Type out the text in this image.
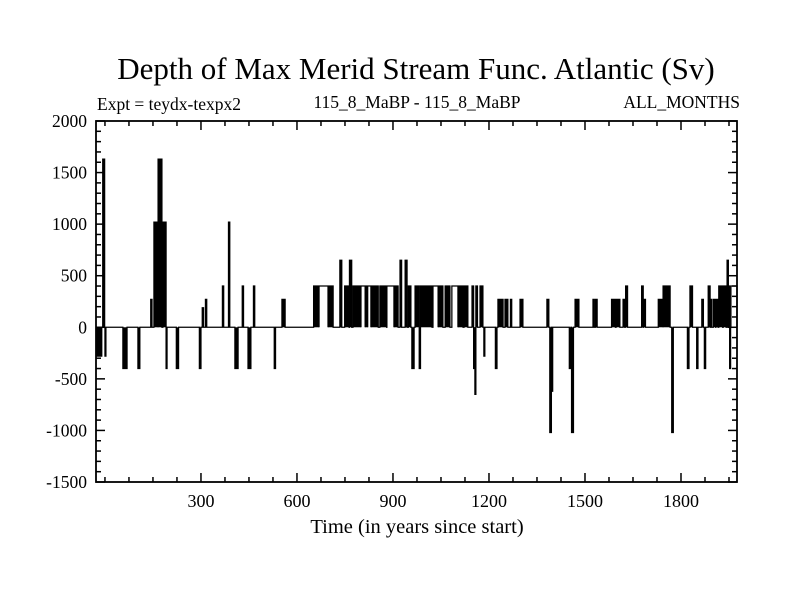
Depth of Max Merid Stream Func. Atlantic (Sv)
Expt = teydx-texpx2	115_8_MaBP - 115_8_MaBP	ALL_MONTHS
300	600	900	1200	1500	1800
-1500
-1000
-500
0
500
1000
1500
2000
Time (in years since start)
